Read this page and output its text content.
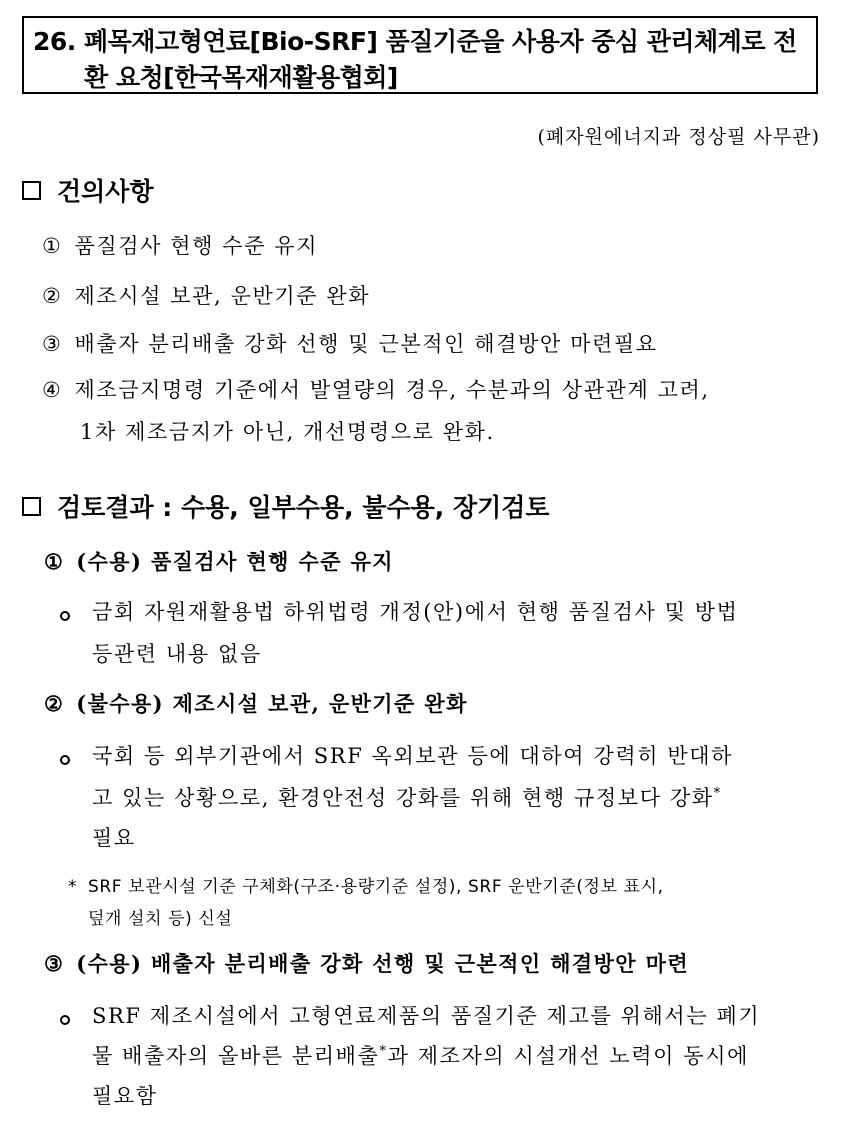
26. 폐목재고형연료[Bio-SRF] 품질기준을 사용자 중심 관리체계로 전
환 요청[한국목재재활용협회]
(폐자원에너지과 정상필 사무관)
건의사항
① 품질검사 현행 수준 유지
② 제조시설 보관, 운반기준 완화
③ 배출자 분리배출 강화 선행 및 근본적인 해결방안 마련필요
④ 제조금지명령 기준에서 발열량의 경우, 수분과의 상관관계 고려,
1차 제조금지가 아닌, 개선명령으로 완화.
검토결과 : 수용, 일부수용, 불수용, 장기검토
① (수용) 품질검사 현행 수준 유지
금회 자원재활용법 하위법령 개정(안)에서 현행 품질검사 및 방법
등관련 내용 없음
② (불수용) 제조시설 보관, 운반기준 완화
국회 등 외부기관에서 SRF 옥외보관 등에 대하여 강력히 반대하
고 있는 상황으로, 환경안전성 강화를 위해 현행 규정보다 강화*
필요
* SRF 보관시설 기준 구체화(구조·용량기준 설정), SRF 운반기준(정보 표시,
덮개 설치 등) 신설
③ (수용) 배출자 분리배출 강화 선행 및 근본적인 해결방안 마련
SRF 제조시설에서 고형연료제품의 품질기준 제고를 위해서는 폐기
물 배출자의 올바른 분리배출*과 제조자의 시설개선 노력이 동시에
필요함
